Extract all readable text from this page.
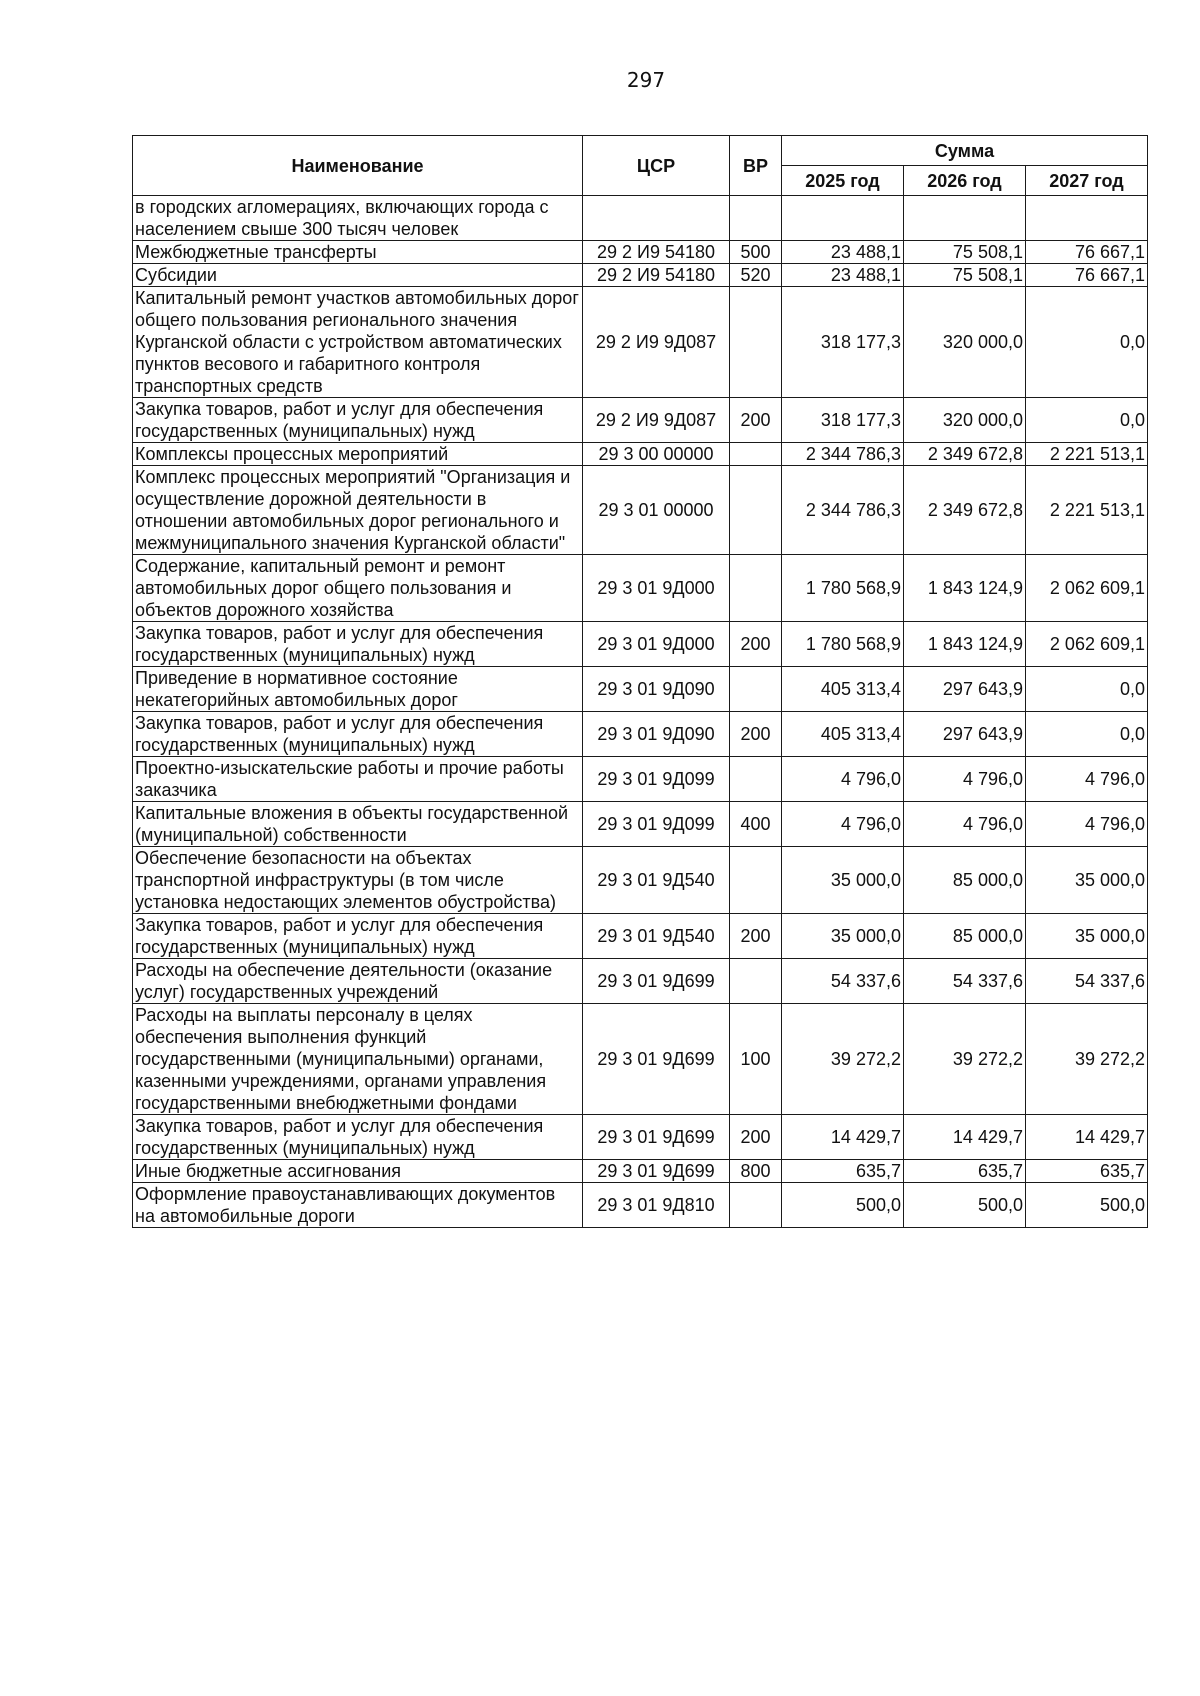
297
Наименование	ЦСР	ВР	Сумма		
			2025 год	2026 год	2027 год
в городских агломерациях, включающих города с населением свыше 300 тысяч человек					
Межбюджетные трансферты	29 2 И9 54180	500	23 488,1	75 508,1	76 667,1
Субсидии	29 2 И9 54180	520	23 488,1	75 508,1	76 667,1
Капитальный ремонт участков автомобильных дорог общего пользования регионального значения Курганской области с устройством автоматических пунктов весового и габаритного контроля транспортных средств	29 2 И9 9Д087		318 177,3	320 000,0	0,0
Закупка товаров, работ и услуг для обеспечения государственных (муниципальных) нужд	29 2 И9 9Д087	200	318 177,3	320 000,0	0,0
Комплексы процессных мероприятий	29 3 00 00000		2 344 786,3	2 349 672,8	2 221 513,1
Комплекс процессных мероприятий "Организация и осуществление дорожной деятельности в отношении автомобильных дорог регионального и межмуниципального значения Курганской области"	29 3 01 00000		2 344 786,3	2 349 672,8	2 221 513,1
Содержание, капитальный ремонт и ремонт автомобильных дорог общего пользования и объектов дорожного хозяйства	29 3 01 9Д000		1 780 568,9	1 843 124,9	2 062 609,1
Закупка товаров, работ и услуг для обеспечения государственных (муниципальных) нужд	29 3 01 9Д000	200	1 780 568,9	1 843 124,9	2 062 609,1
Приведение в нормативное состояние некатегорийных автомобильных дорог	29 3 01 9Д090		405 313,4	297 643,9	0,0
Закупка товаров, работ и услуг для обеспечения государственных (муниципальных) нужд	29 3 01 9Д090	200	405 313,4	297 643,9	0,0
Проектно-изыскательские работы и прочие работы заказчика	29 3 01 9Д099		4 796,0	4 796,0	4 796,0
Капитальные вложения в объекты государственной (муниципальной) собственности	29 3 01 9Д099	400	4 796,0	4 796,0	4 796,0
Обеспечение безопасности на объектах транспортной инфраструктуры (в том числе установка недостающих элементов обустройства)	29 3 01 9Д540		35 000,0	85 000,0	35 000,0
Закупка товаров, работ и услуг для обеспечения государственных (муниципальных) нужд	29 3 01 9Д540	200	35 000,0	85 000,0	35 000,0
Расходы на обеспечение деятельности (оказание услуг) государственных учреждений	29 3 01 9Д699		54 337,6	54 337,6	54 337,6
Расходы на выплаты персоналу в целях обеспечения выполнения функций государственными (муниципальными) органами, казенными учреждениями, органами управления государственными внебюджетными фондами	29 3 01 9Д699	100	39 272,2	39 272,2	39 272,2
Закупка товаров, работ и услуг для обеспечения государственных (муниципальных) нужд	29 3 01 9Д699	200	14 429,7	14 429,7	14 429,7
Иные бюджетные ассигнования	29 3 01 9Д699	800	635,7	635,7	635,7
Оформление правоустанавливающих документов на автомобильные дороги	29 3 01 9Д810		500,0	500,0	500,0
